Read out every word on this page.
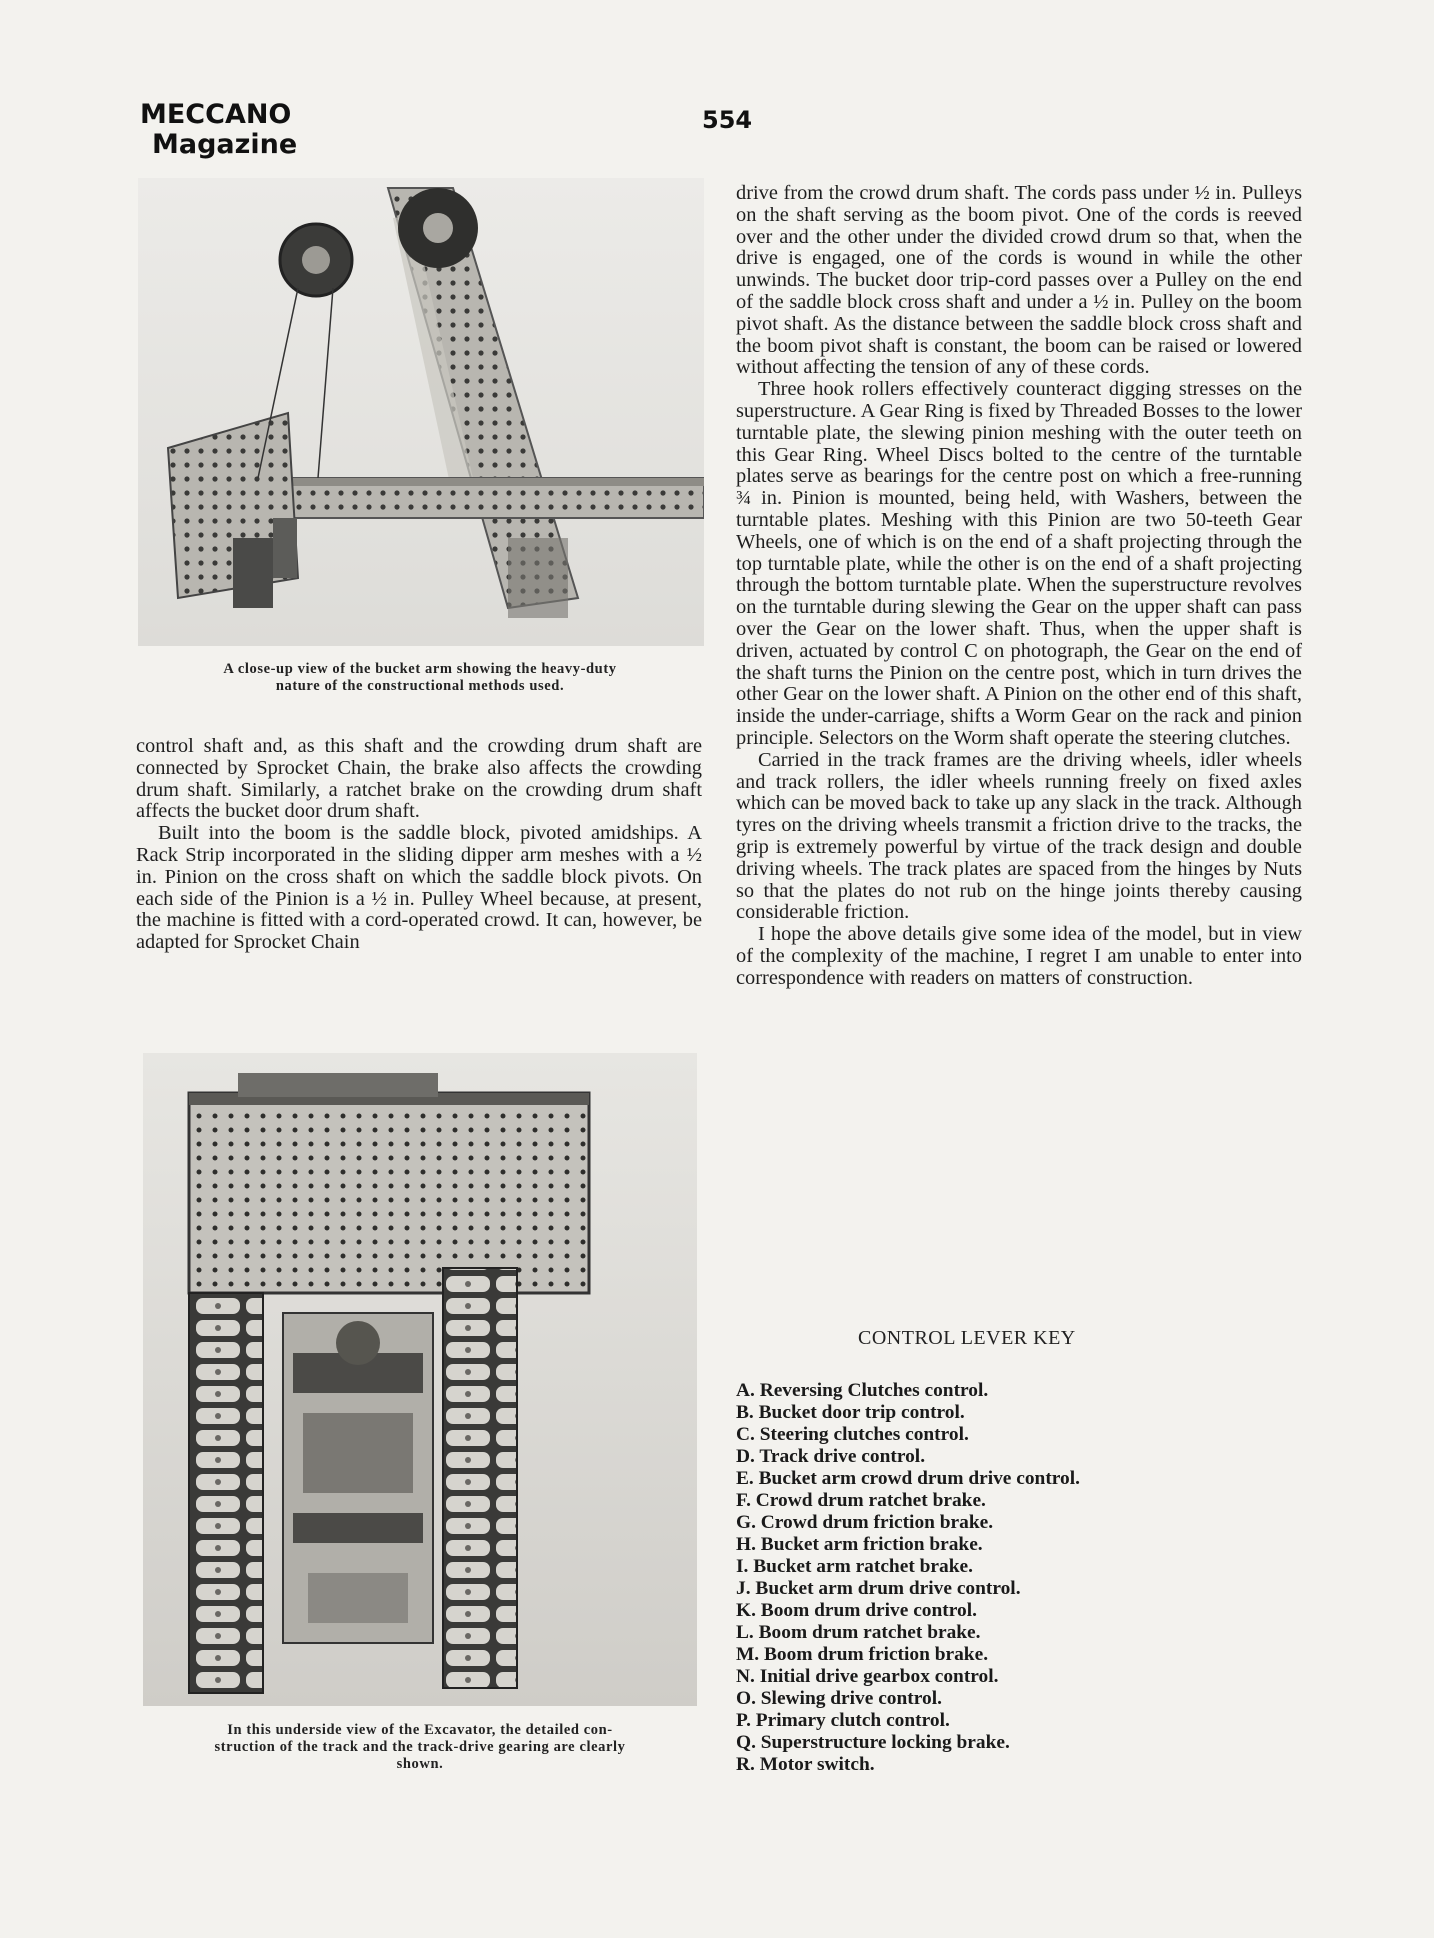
MECCANO
Magazine
554
A close-up view of the bucket arm showing the heavy-duty
nature of the constructional methods used.

control shaft and, as this shaft and the crowding drum shaft are connected by Sprocket Chain, the brake also affects the crowding drum shaft. Similarly, a ratchet brake on the crowding drum shaft affects the bucket door drum shaft.

Built into the boom is the saddle block, pivoted amidships. A Rack Strip incorporated in the sliding dipper arm meshes with a ½ in. Pinion on the cross shaft on which the saddle block pivots. On each side of the Pinion is a ½ in. Pulley Wheel because, at present, the machine is fitted with a cord-operated crowd. It can, however, be adapted for Sprocket Chain

In this underside view of the Excavator, the detailed con-
struction of the track and the track-drive gearing are clearly
shown.

drive from the crowd drum shaft. The cords pass under ½ in. Pulleys on the shaft serving as the boom pivot. One of the cords is reeved over and the other under the divided crowd drum so that, when the drive is engaged, one of the cords is wound in while the other unwinds. The bucket door trip-cord passes over a Pulley on the end of the saddle block cross shaft and under a ½ in. Pulley on the boom pivot shaft. As the distance between the saddle block cross shaft and the boom pivot shaft is constant, the boom can be raised or lowered without affecting the tension of any of these cords.

Three hook rollers effectively counteract digging stresses on the superstructure. A Gear Ring is fixed by Threaded Bosses to the lower turntable plate, the slewing pinion meshing with the outer teeth on this Gear Ring. Wheel Discs bolted to the centre of the turntable plates serve as bearings for the centre post on which a free-running ¾ in. Pinion is mounted, being held, with Washers, between the turntable plates. Meshing with this Pinion are two 50-teeth Gear Wheels, one of which is on the end of a shaft projecting through the top turntable plate, while the other is on the end of a shaft projecting through the bottom turntable plate. When the superstructure revolves on the turntable during slewing the Gear on the upper shaft can pass over the Gear on the lower shaft. Thus, when the upper shaft is driven, actuated by control C on photograph, the Gear on the end of the shaft turns the Pinion on the centre post, which in turn drives the other Gear on the lower shaft. A Pinion on the other end of this shaft, inside the under-carriage, shifts a Worm Gear on the rack and pinion principle. Selectors on the Worm shaft operate the steering clutches.

Carried in the track frames are the driving wheels, idler wheels and track rollers, the idler wheels running freely on fixed axles which can be moved back to take up any slack in the track. Although tyres on the driving wheels transmit a friction drive to the tracks, the grip is extremely powerful by virtue of the track design and double driving wheels. The track plates are spaced from the hinges by Nuts so that the plates do not rub on the hinge joints thereby causing considerable friction.

I hope the above details give some idea of the model, but in view of the complexity of the machine, I regret I am unable to enter into correspondence with readers on matters of construction.

CONTROL LEVER KEY
A. Reversing Clutches control.
B. Bucket door trip control.
C. Steering clutches control.
D. Track drive control.
E. Bucket arm crowd drum drive control.
F. Crowd drum ratchet brake.
G. Crowd drum friction brake.
H. Bucket arm friction brake.
I. Bucket arm ratchet brake.
J. Bucket arm drum drive control.
K. Boom drum drive control.
L. Boom drum ratchet brake.
M. Boom drum friction brake.
N. Initial drive gearbox control.
O. Slewing drive control.
P. Primary clutch control.
Q. Superstructure locking brake.
R. Motor switch.
